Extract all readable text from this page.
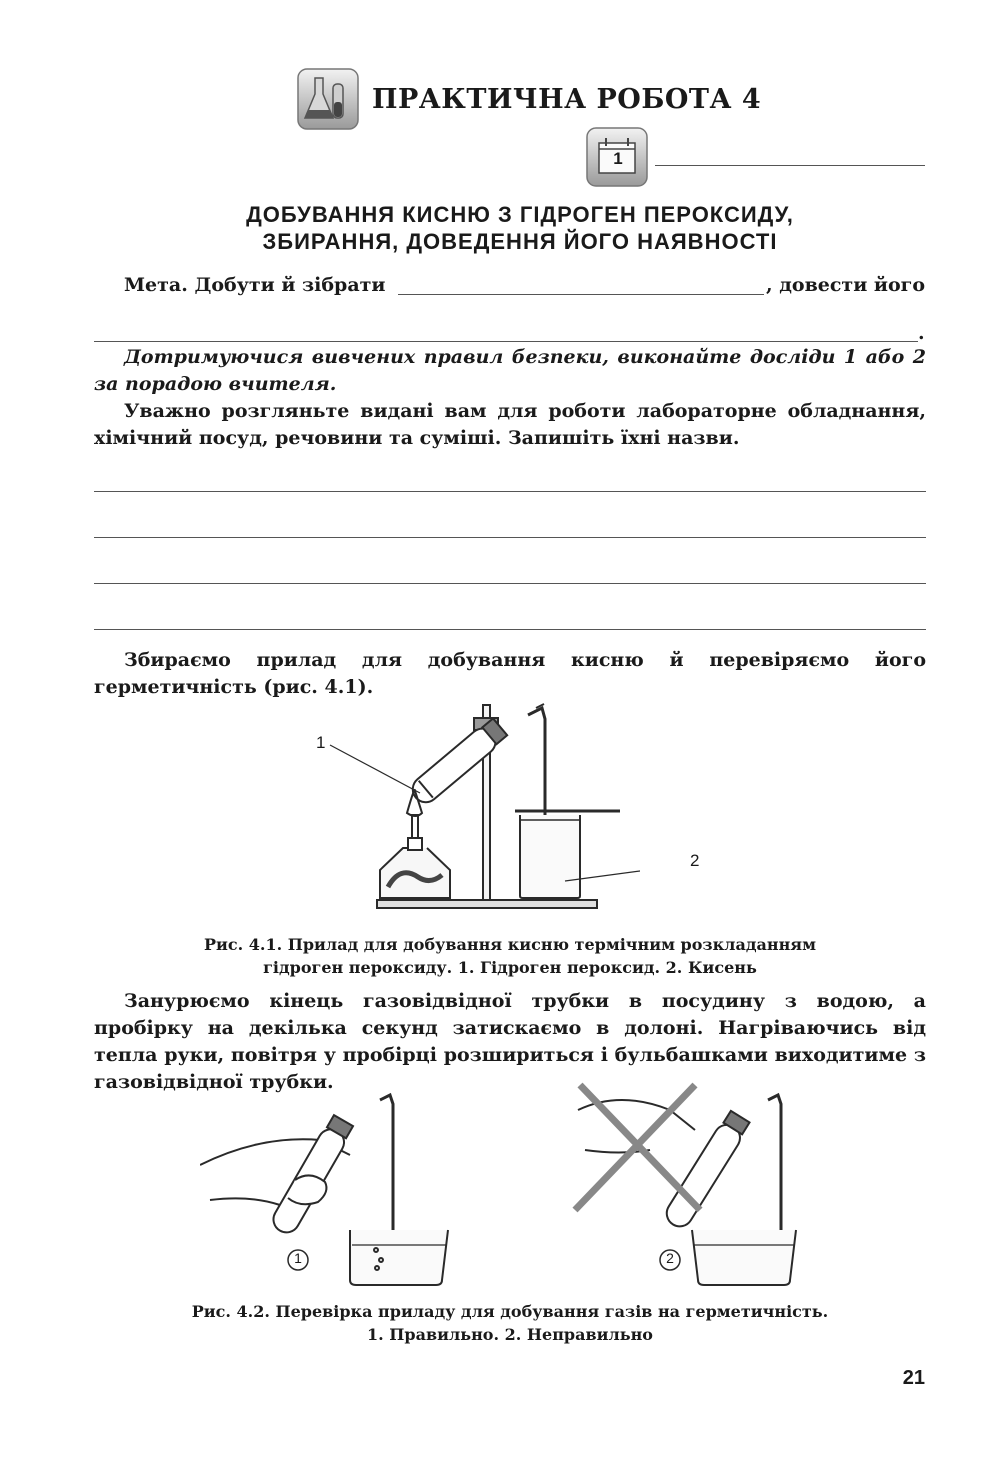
ПРАКТИЧНА РОБОТА 4
1
ДОБУВАННЯ КИСНЮ З ГІДРОГЕН ПЕРОКСИДУ,
ЗБИРАННЯ, ДОВЕДЕННЯ ЙОГО НАЯВНОСТІ
Мета. Добути й зібрати	, довести його
.
Дотримуючися вивчених правил безпеки, виконайте досліди 1 або 2 за порадою вчителя.
Уважно розгляньте видані вам для роботи лабораторне обладнання, хімічний посуд, речовини та суміші. Запишіть їхні назви.
Збираємо прилад для добування кисню й перевіряємо його герметичність (рис. 4.1).
1
2
Рис. 4.1. Прилад для добування кисню термічним розкладанням
гідроген пероксиду. 1. Гідроген пероксид. 2. Кисень
Занурюємо кінець газовідвідної трубки в посудину з водою, а пробірку на декілька секунд затискаємо в долоні. Нагріваючись від тепла руки, повітря у пробірці розшириться і бульбашками виходитиме з газовідвідної трубки.
1	2
Рис. 4.2. Перевірка приладу для добування газів на герметичність.
1. Правильно. 2. Неправильно
21
